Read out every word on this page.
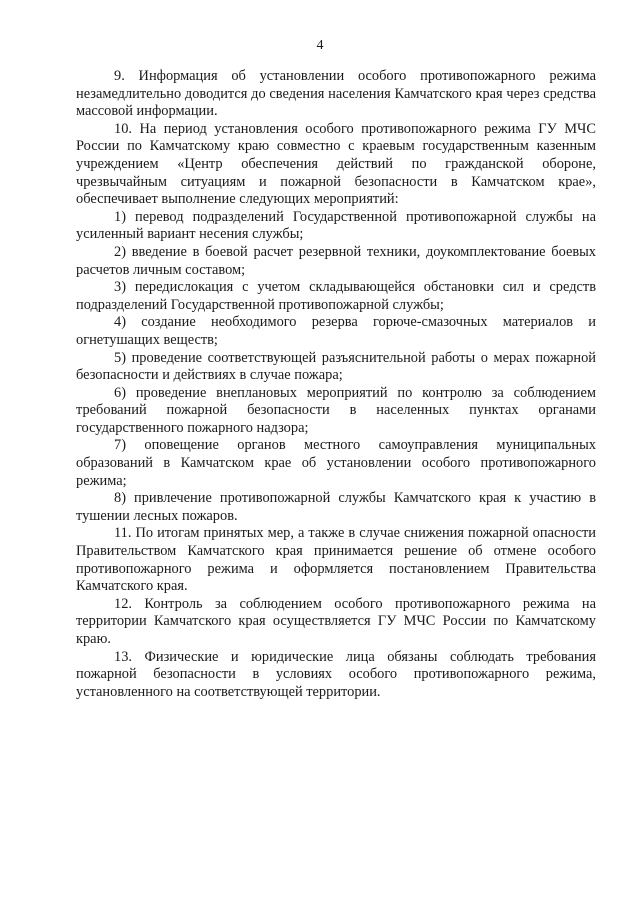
4

9. Информация об установлении особого противопожарного режима незамедлительно доводится до сведения населения Камчатского края через средства массовой информации.

10. На период установления особого противопожарного режима ГУ МЧС России по Камчатскому краю совместно с краевым государственным казенным учреждением «Центр обеспечения действий по гражданской обороне, чрезвычайным ситуациям и пожарной безопасности в Камчатском крае», обеспечивает выполнение следующих мероприятий:

1) перевод подразделений Государственной противопожарной службы на усиленный вариант несения службы;

2) введение в боевой расчет резервной техники, доукомплектование боевых расчетов личным составом;

3) передислокация с учетом складывающейся обстановки сил и средств подразделений Государственной противопожарной службы;

4) создание необходимого резерва горюче-смазочных материалов и огнетушащих веществ;

5) проведение соответствующей разъяснительной работы о мерах пожарной безопасности и действиях в случае пожара;

6) проведение внеплановых мероприятий по контролю за соблюдением требований пожарной безопасности в населенных пунктах органами государственного пожарного надзора;

7) оповещение органов местного самоуправления муниципальных образований в Камчатском крае об установлении особого противопожарного режима;

8) привлечение противопожарной службы Камчатского края к участию в тушении лесных пожаров.

11. По итогам принятых мер, а также в случае снижения пожарной опасности Правительством Камчатского края принимается решение об отмене особого противопожарного режима и оформляется постановлением Правительства Камчатского края.

12. Контроль за соблюдением особого противопожарного режима на территории Камчатского края осуществляется ГУ МЧС России по Камчатскому краю.

13. Физические и юридические лица обязаны соблюдать требования пожарной безопасности в условиях особого противопожарного режима, установленного на соответствующей территории.
